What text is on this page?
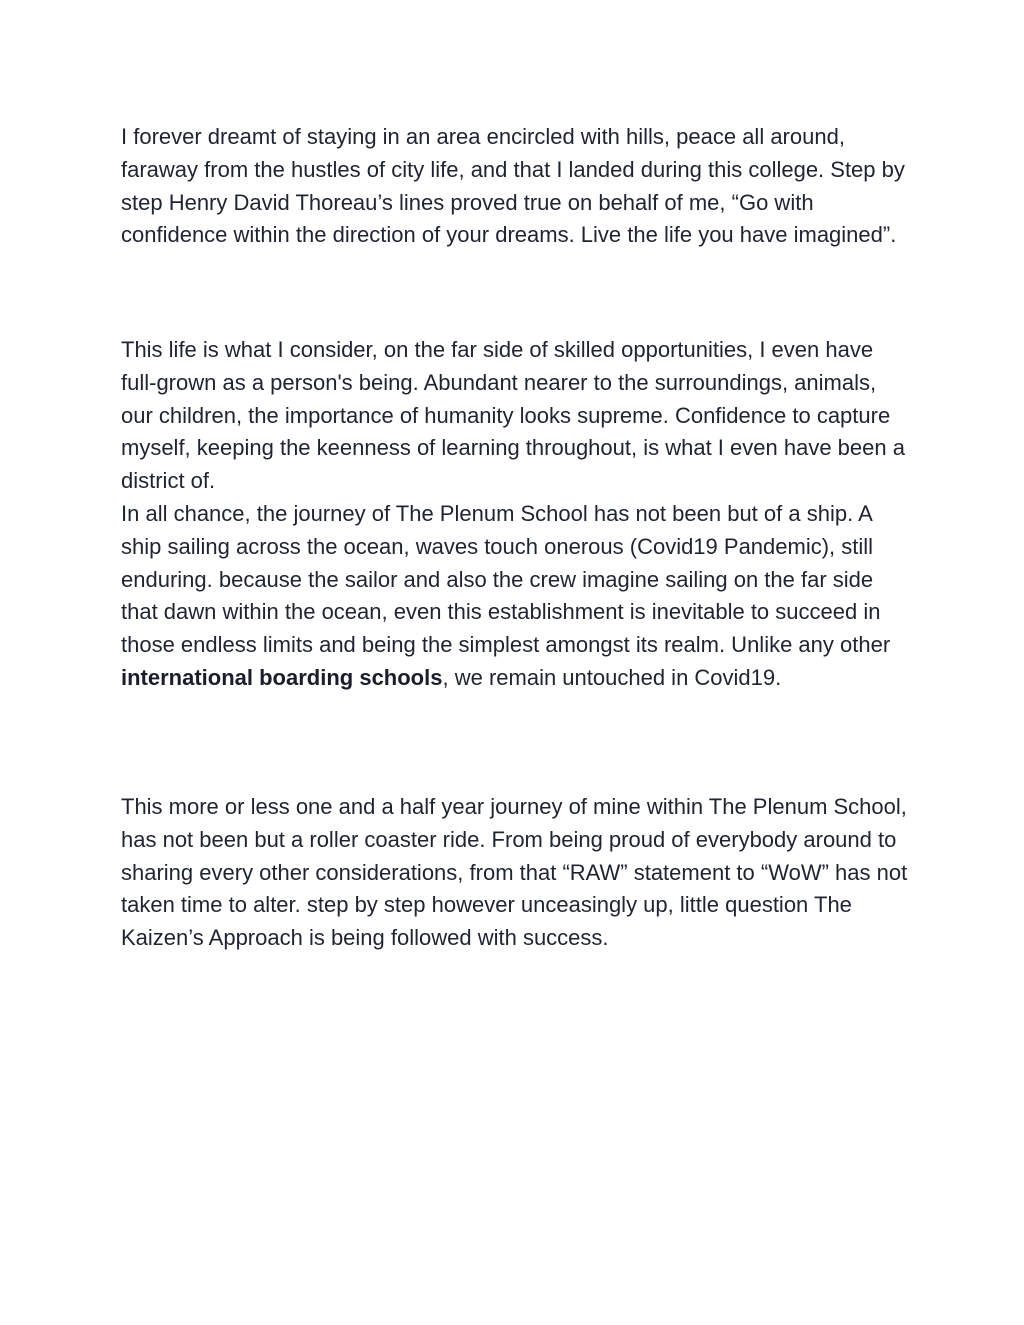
I forever dreamt of staying in an area encircled with hills, peace all around, faraway from the hustles of city life, and that I landed during this college. Step by step Henry David Thoreau’s lines proved true on behalf of me, “Go with confidence within the direction of your dreams. Live the life you have imagined”.

This life is what I consider, on the far side of skilled opportunities, I even have full-grown as a person's being. Abundant nearer to the surroundings, animals, our children, the importance of humanity looks supreme. Confidence to capture myself, keeping the keenness of learning throughout, is what I even have been a district of.

In all chance, the journey of The Plenum School has not been but of a ship. A ship sailing across the ocean, waves touch onerous (Covid19 Pandemic), still enduring. because the sailor and also the crew imagine sailing on the far side that dawn within the ocean, even this establishment is inevitable to succeed in those endless limits and being the simplest amongst its realm. Unlike any other international boarding schools, we remain untouched in Covid19.

This more or less one and a half year journey of mine within The Plenum School, has not been but a roller coaster ride. From being proud of everybody around to sharing every other considerations, from that “RAW” statement to “WoW” has not taken time to alter. step by step however unceasingly up, little question The Kaizen’s Approach is being followed with success.
